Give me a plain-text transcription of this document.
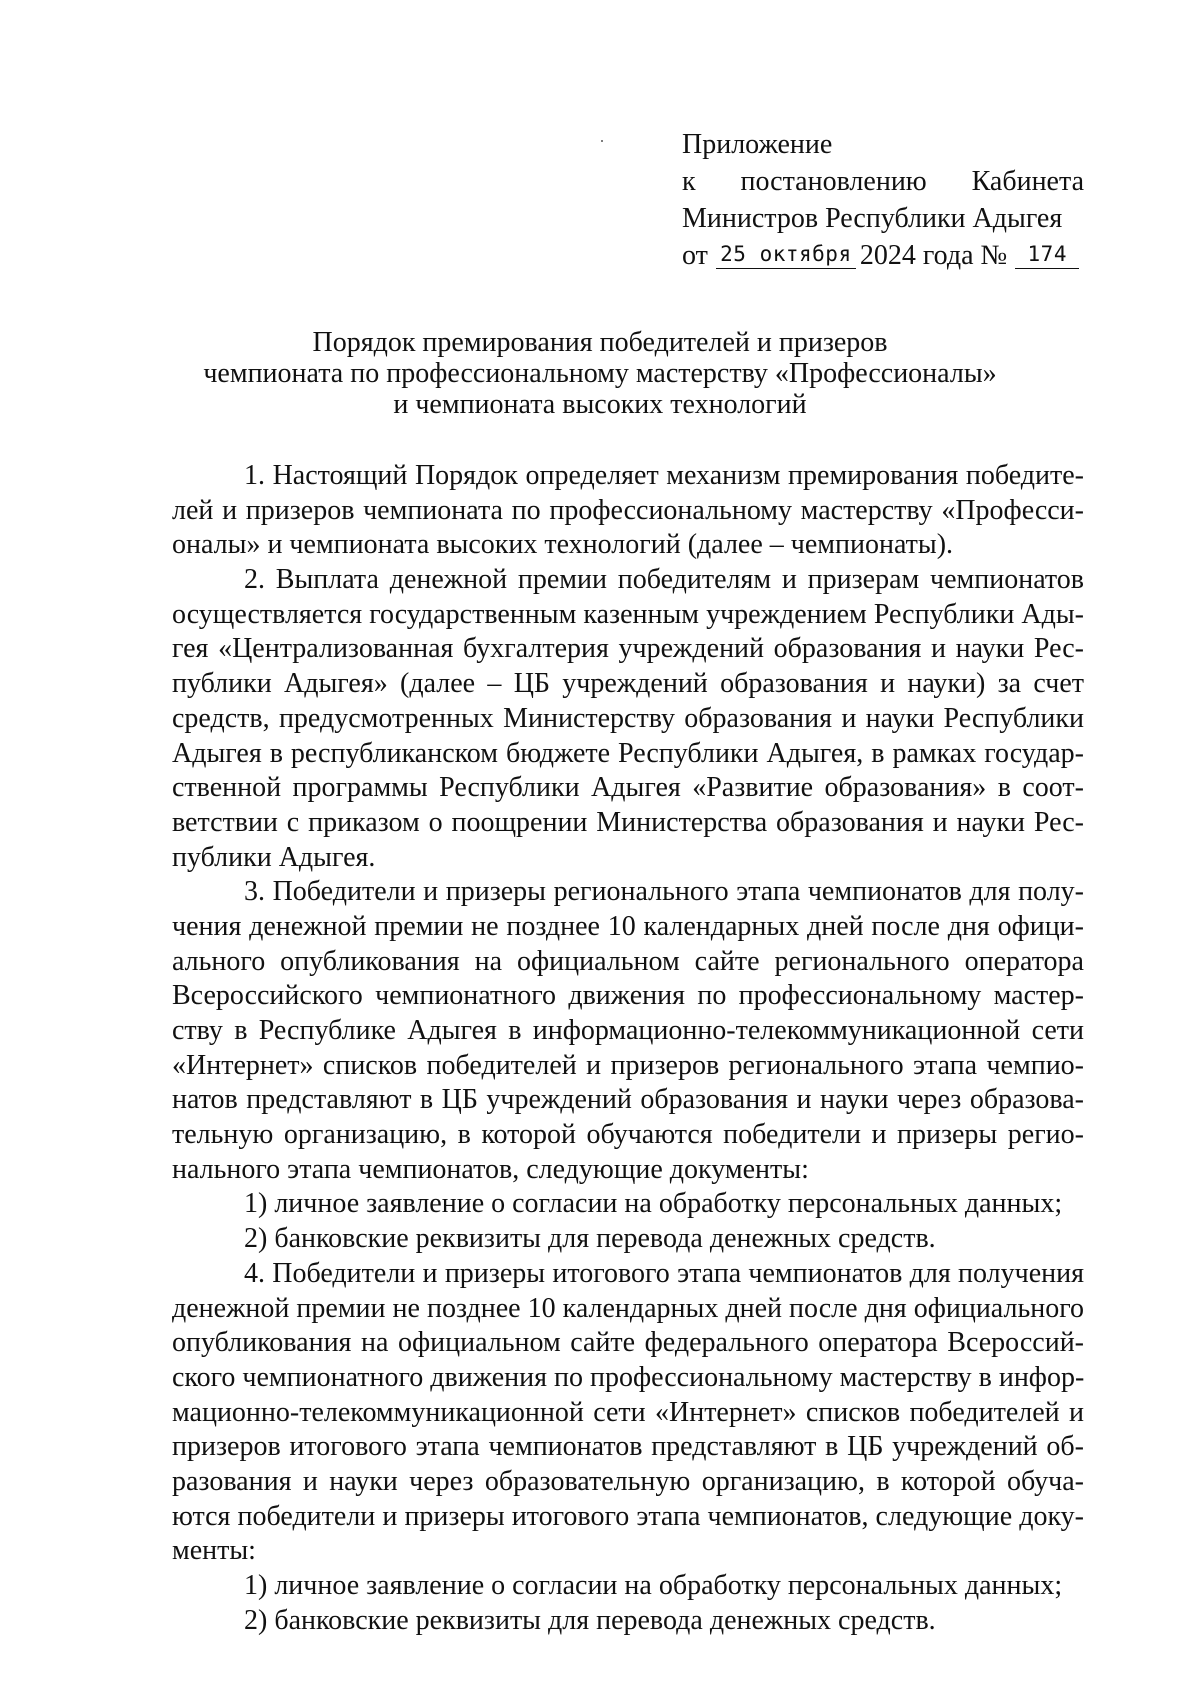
Приложение
к постановлению Кабинета
Министров Республики Адыгея
от 25 октября 2024 года № 174
Порядок премирования победителей и призеров
чемпионата по профессиональному мастерству «Профессионалы»
и чемпионата высоких технологий
1. Настоящий Порядок определяет механизм премирования победите-
лей и призеров чемпионата по профессиональному мастерству «Професси-
оналы» и чемпионата высоких технологий (далее – чемпионаты).
2. Выплата денежной премии победителям и призерам чемпионатов
осуществляется государственным казенным учреждением Республики Ады-
гея «Централизованная бухгалтерия учреждений образования и науки Рес-
публики Адыгея» (далее – ЦБ учреждений образования и науки) за счет
средств, предусмотренных Министерству образования и науки Республики
Адыгея в республиканском бюджете Республики Адыгея, в рамках государ-
ственной программы Республики Адыгея «Развитие образования» в соот-
ветствии с приказом о поощрении Министерства образования и науки Рес-
публики Адыгея.
3. Победители и призеры регионального этапа чемпионатов для полу-
чения денежной премии не позднее 10 календарных дней после дня офици-
ального опубликования на официальном сайте регионального оператора
Всероссийского чемпионатного движения по профессиональному мастер-
ству в Республике Адыгея в информационно-телекоммуникационной сети
«Интернет» списков победителей и призеров регионального этапа чемпио-
натов представляют в ЦБ учреждений образования и науки через образова-
тельную организацию, в которой обучаются победители и призеры регио-
нального этапа чемпионатов, следующие документы:
1) личное заявление о согласии на обработку персональных данных;
2) банковские реквизиты для перевода денежных средств.
4. Победители и призеры итогового этапа чемпионатов для получения
денежной премии не позднее 10 календарных дней после дня официального
опубликования на официальном сайте федерального оператора Всероссий-
ского чемпионатного движения по профессиональному мастерству в инфор-
мационно-телекоммуникационной сети «Интернет» списков победителей и
призеров итогового этапа чемпионатов представляют в ЦБ учреждений об-
разования и науки через образовательную организацию, в которой обуча-
ются победители и призеры итогового этапа чемпионатов, следующие доку-
менты:
1) личное заявление о согласии на обработку персональных данных;
2) банковские реквизиты для перевода денежных средств.
